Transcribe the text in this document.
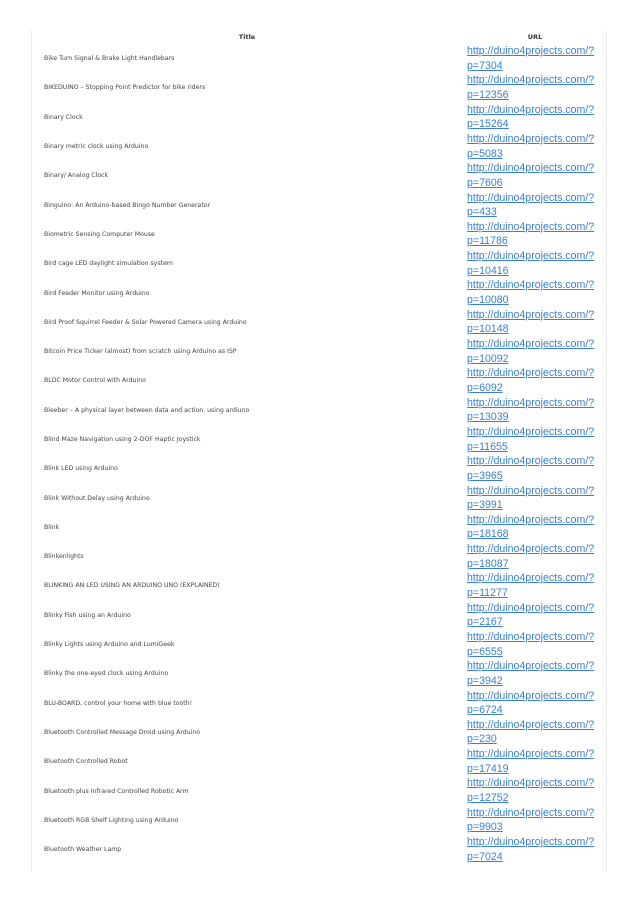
Title	URL
Bike Turn Signal & Brake Light Handlebars	http://duino4projects.com/?
p=7304

BIKEDUINO – Stopping Point Predictor for bike riders	http://duino4projects.com/?
p=12356

Binary Clock	http://duino4projects.com/?
p=15264

Binary metric clock using Arduino	http://duino4projects.com/?
p=5083

Binary/ Analog Clock	http://duino4projects.com/?
p=7606

Binguino: An Arduino-based Bingo Number Generator	http://duino4projects.com/?
p=433

Biometric Sensing Computer Mouse	http://duino4projects.com/?
p=11786

Bird cage LED daylight simulation system	http://duino4projects.com/?
p=10416

Bird Feeder Monitor using Arduino	http://duino4projects.com/?
p=10080

Bird Proof Squirrel Feeder & Solar Powered Camera using Arduino	http://duino4projects.com/?
p=10148

Bitcoin Price Ticker (almost) from scratch using Arduino as ISP	http://duino4projects.com/?
p=10092

BLDC Motor Control with Arduino	http://duino4projects.com/?
p=6092

Bleeber – A physical layer between data and action. using ardiuno	http://duino4projects.com/?
p=13039

Blind Maze Navigation using 2-DOF Haptic Joystick	http://duino4projects.com/?
p=11655

Blink LED using Arduino	http://duino4projects.com/?
p=3965

Blink Without Delay using Arduino	http://duino4projects.com/?
p=3991

Blink	http://duino4projects.com/?
p=18168

Blinkenlights	http://duino4projects.com/?
p=18087

BLINKING AN LED USING AN ARDUINO UNO (EXPLAINED)	http://duino4projects.com/?
p=11277

Blinky Fish using an Arduino	http://duino4projects.com/?
p=2167

Blinky Lights using Arduino and LumiGeek	http://duino4projects.com/?
p=6555

Blinky the one-eyed clock using Arduino	http://duino4projects.com/?
p=3942

BLU-BOARD, control your home with blue tooth!	http://duino4projects.com/?
p=6724

Bluetooth Controlled Message Droid using Arduino	http://duino4projects.com/?
p=230

Bluetooth Controlled Robot	http://duino4projects.com/?
p=17419

Bluetooth plus Infrared Controlled Robotic Arm	http://duino4projects.com/?
p=12752

Bluetooth RGB Shelf Lighting using Arduino	http://duino4projects.com/?
p=9903

Bluetooth Weather Lamp	http://duino4projects.com/?
p=7024
